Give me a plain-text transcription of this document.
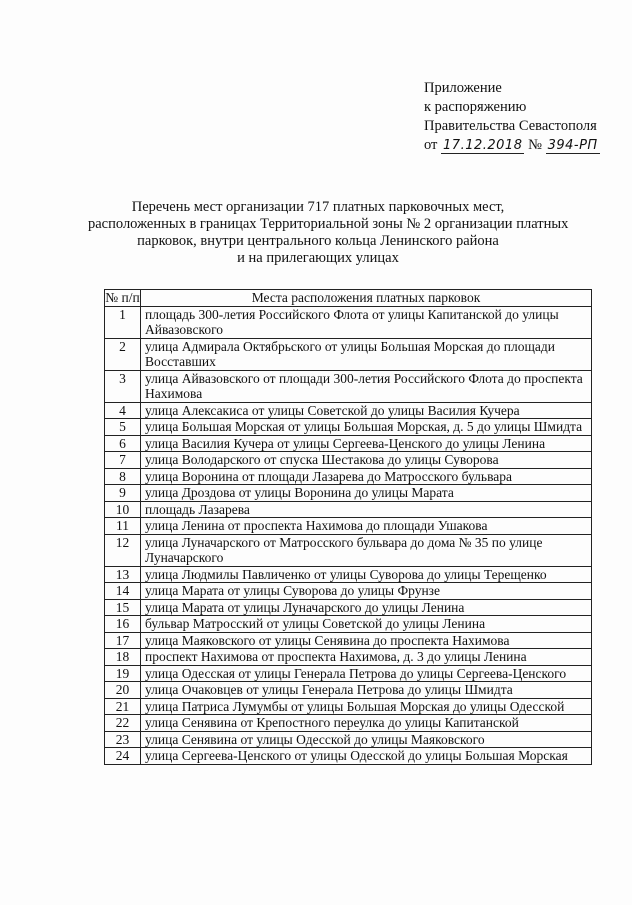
Приложение
к распоряжению
Правительства Севастополя
от 17.12.2018 № 394-РП
Перечень мест организации 717 платных парковочных мест,
расположенных в границах Территориальной зоны № 2 организации платных
парковок, внутри центрального кольца Ленинского района
и на прилегающих улицах
№ п/п	Места расположения платных парковок
1	площадь 300-летия Российского Флота от улицы Капитанской до улицы Айвазовского
2	улица Адмирала Октябрьского от улицы Большая Морская до площади Восставших
3	улица Айвазовского от площади 300-летия Российского Флота до проспекта Нахимова
4	улица Алексакиса от улицы Советской до улицы Василия Кучера
5	улица Большая Морская от улицы Большая Морская, д. 5 до улицы Шмидта
6	улица Василия Кучера от улицы Сергеева-Ценского до улицы Ленина
7	улица Володарского от спуска Шестакова до улицы Суворова
8	улица Воронина от площади Лазарева до Матросского бульвара
9	улица Дроздова от улицы Воронина до улицы Марата
10	площадь Лазарева
11	улица Ленина от проспекта Нахимова до площади Ушакова
12	улица Луначарского от Матросского бульвара до дома № 35 по улице Луначарского
13	улица Людмилы Павличенко от улицы Суворова до улицы Терещенко
14	улица Марата от улицы Суворова до улицы Фрунзе
15	улица Марата от улицы Луначарского до улицы Ленина
16	бульвар Матросский от улицы Советской до улицы Ленина
17	улица Маяковского от улицы Сенявина до проспекта Нахимова
18	проспект Нахимова от проспекта Нахимова, д. 3 до улицы Ленина
19	улица Одесская от улицы Генерала Петрова до улицы Сергеева-Ценского
20	улица Очаковцев от улицы Генерала Петрова до улицы Шмидта
21	улица Патриса Лумумбы от улицы Большая Морская до улицы Одесской
22	улица Сенявина от Крепостного переулка до улицы Капитанской
23	улица Сенявина от улицы Одесской до улицы Маяковского
24	улица Сергеева-Ценского от улицы Одесской до улицы Большая Морская
